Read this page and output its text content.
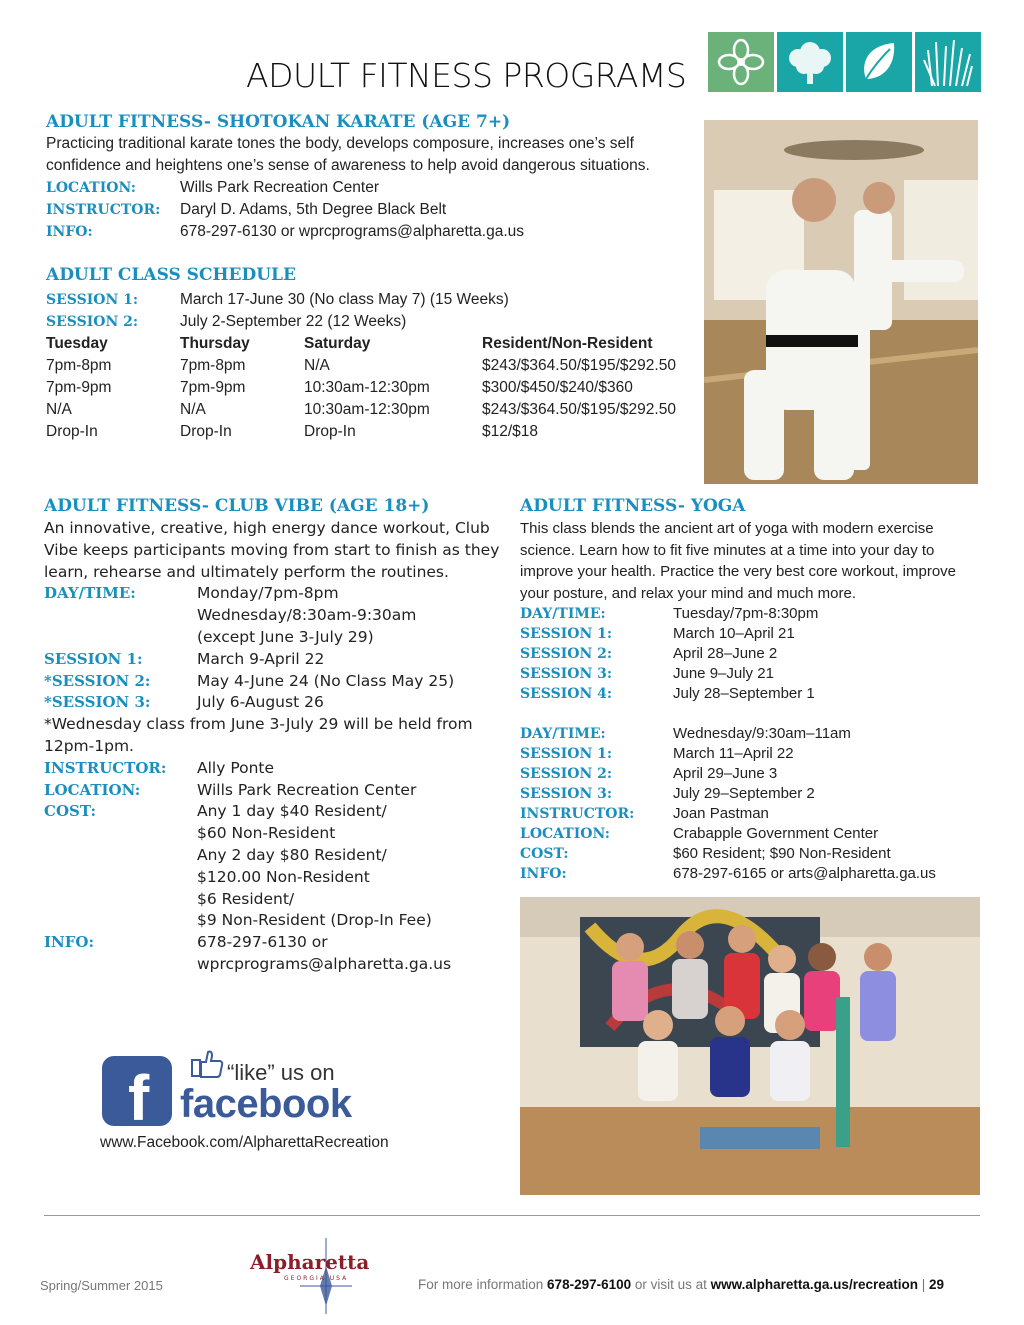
ADULT FITNESS PROGRAMS
ADULT FITNESS- SHOTOKAN KARATE (AGE 7+)
Practicing traditional karate tones the body, develops composure, increases one’s self confidence and heightens one’s sense of awareness to help avoid dangerous situations.
LOCATION:	Wills Park Recreation Center
INSTRUCTOR:	Daryl D. Adams, 5th Degree Black Belt
INFO:	678-297-6130 or wprcprograms@alpharetta.ga.us
ADULT CLASS SCHEDULE
SESSION 1:	March 17-June 30 (No class May 7) (15 Weeks)
SESSION 2:	July 2-September 22 (12 Weeks)
Tuesday	Thursday	Saturday	Resident/Non-Resident
7pm-8pm	7pm-8pm	N/A	$243/$364.50/$195/$292.50
7pm-9pm	7pm-9pm	10:30am-12:30pm	$300/$450/$240/$360
N/A	N/A	10:30am-12:30pm	$243/$364.50/$195/$292.50
Drop-In	Drop-In	Drop-In	$12/$18
ADULT FITNESS- CLUB VIBE (AGE 18+)
An innovative, creative, high energy dance workout, Club Vibe keeps participants moving from start to finish as they learn, rehearse and ultimately perform the routines.
DAY/TIME:	Monday/7pm-8pm
Wednesday/8:30am-9:30am
(except June 3-July 29)
SESSION 1:	March 9-April 22
*SESSION 2:	May 4-June 24 (No Class May 25)
*SESSION 3:	July 6-August 26
*Wednesday class from June 3-July 29 will be held from 12pm-1pm.
INSTRUCTOR:	Ally Ponte
LOCATION:	Wills Park Recreation Center
COST:	Any 1 day $40 Resident/
$60 Non-Resident
Any 2 day $80 Resident/
$120.00 Non-Resident
$6 Resident/
$9 Non-Resident (Drop-In Fee)
INFO:	678-297-6130 or
wprcprograms@alpharetta.ga.us
ADULT FITNESS- YOGA
This class blends the ancient art of yoga with modern exercise science. Learn how to fit five minutes at a time into your day to improve your health. Practice the very best core workout, improve your posture, and relax your mind and much more.
DAY/TIME:	Tuesday/7pm-8:30pm
SESSION 1:	March 10–April 21
SESSION 2:	April 28–June 2
SESSION 3:	June 9–July 21
SESSION 4:	July 28–September 1
DAY/TIME:	Wednesday/9:30am–11am
SESSION 1:	March 11–April 22
SESSION 2:	April 29–June 3
SESSION 3:	July 29–September 2
INSTRUCTOR:	Joan Pastman
LOCATION:	Crabapple Government Center
COST:	$60 Resident; $90 Non-Resident
INFO:	678-297-6165 or arts@alpharetta.ga.us
f	“like” us on
facebook
www.Facebook.com/AlpharettaRecreation
Spring/Summer 2015
Alpharetta
GEORGIA USA	For more information 678-297-6100 or visit us at www.alpharetta.ga.us/recreation | 29
